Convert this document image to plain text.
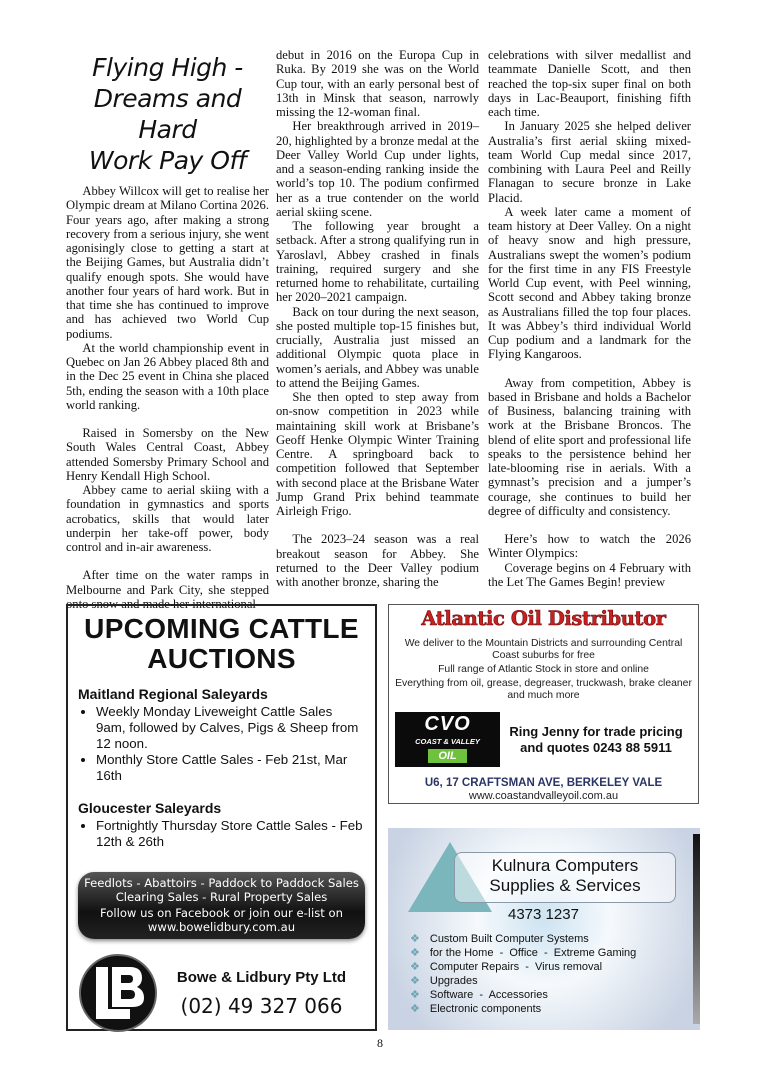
Flying High -
Dreams and Hard
Work Pay Off

Abbey Willcox will get to realise her Olympic dream at Milano Cortina 2026. Four years ago, after making a strong recovery from a serious injury, she went agonisingly close to getting a start at the Beijing Games, but Australia didn’t qualify enough spots. She would have another four years of hard work. But in that time she has continued to improve and has achieved two World Cup podiums.

At the world championship event in Quebec on Jan 26 Abbey placed 8th and in the Dec 25 event in China she placed 5th, ending the season with a 10th place world ranking.

Raised in Somersby on the New South Wales Central Coast, Abbey attended Somersby Primary School and Henry Kendall High School.

Abbey came to aerial skiing with a foundation in gymnastics and sports acrobatics, skills that would later underpin her take-off power, body control and in-air awareness.

After time on the water ramps in Melbourne and Park City, she stepped onto snow and made her international

debut in 2016 on the Europa Cup in Ruka. By 2019 she was on the World Cup tour, with an early personal best of 13th in Minsk that season, narrowly missing the 12-woman final.

Her breakthrough arrived in 2019–20, highlighted by a bronze medal at the Deer Valley World Cup under lights, and a season-ending ranking inside the world’s top 10. The podium confirmed her as a true contender on the world aerial skiing scene.

The following year brought a setback. After a strong qualifying run in Yaroslavl, Abbey crashed in finals training, required surgery and she returned home to rehabilitate, curtailing her 2020–2021 campaign.

Back on tour during the next season, she posted multiple top-15 finishes but, crucially, Australia just missed an additional Olympic quota place in women’s aerials, and Abbey was unable to attend the Beijing Games.

She then opted to step away from on-snow competition in 2023 while maintaining skill work at Brisbane’s Geoff Henke Olympic Winter Training Centre. A springboard back to competition followed that September with second place at the Brisbane Water Jump Grand Prix behind teammate Airleigh Frigo.

The 2023–24 season was a real breakout season for Abbey. She returned to the Deer Valley podium with another bronze, sharing the

celebrations with silver medallist and teammate Danielle Scott, and then reached the top-six super final on both days in Lac-Beauport, finishing fifth each time.

In January 2025 she helped deliver Australia’s first aerial skiing mixed-team World Cup medal since 2017, combining with Laura Peel and Reilly Flanagan to secure bronze in Lake Placid.

A week later came a moment of team history at Deer Valley. On a night of heavy snow and high pressure, Australians swept the women’s podium for the first time in any FIS Freestyle World Cup event, with Peel winning, Scott second and Abbey taking bronze as Australians filled the top four places. It was Abbey’s third individual World Cup podium and a landmark for the Flying Kangaroos.

Away from competition, Abbey is based in Brisbane and holds a Bachelor of Business, balancing training with work at the Brisbane Broncos. The blend of elite sport and professional life speaks to the persistence behind her late-blooming rise in aerials. With a gymnast’s precision and a jumper’s courage, she continues to build her degree of difficulty and consistency.

Here’s how to watch the 2026 Winter Olympics:

Coverage begins on 4 February with the Let The Games Begin! preview

UPCOMING CATTLE
AUCTIONS
Maitland Regional Saleyards
• Weekly Monday Liveweight Cattle Sales 9am, followed by Calves, Pigs & Sheep from 12 noon.
• Monthly Store Cattle Sales - Feb 21st, Mar 16th
Gloucester Saleyards
• Fortnightly Thursday Store Cattle Sales - Feb 12th & 26th
Feedlots - Abattoirs - Paddock to Paddock Sales
Clearing Sales - Rural Property Sales
Follow us on Facebook or join our e-list on
www.bowelidbury.com.au
Bowe & Lidbury Pty Ltd
(02) 49 327 066
Atlantic Oil Distributor
We deliver to the Mountain Districts and surrounding Central Coast suburbs for free
Full range of Atlantic Stock in store and online
Everything from oil, grease, degreaser, truckwash, brake cleaner and much more
CVO
COAST & VALLEY
OIL
Ring Jenny for trade pricing
and quotes 0243 88 5911
U6, 17 CRAFTSMAN AVE, BERKELEY VALE
www.coastandvalleyoil.com.au
Kulnura Computers
Supplies & Services
4373 1237
❖ Custom Built Computer Systems
❖ for the Home  -  Office  -  Extreme Gaming
❖ Computer Repairs  -  Virus removal
❖ Upgrades
❖ Software  -  Accessories
❖ Electronic components
8
